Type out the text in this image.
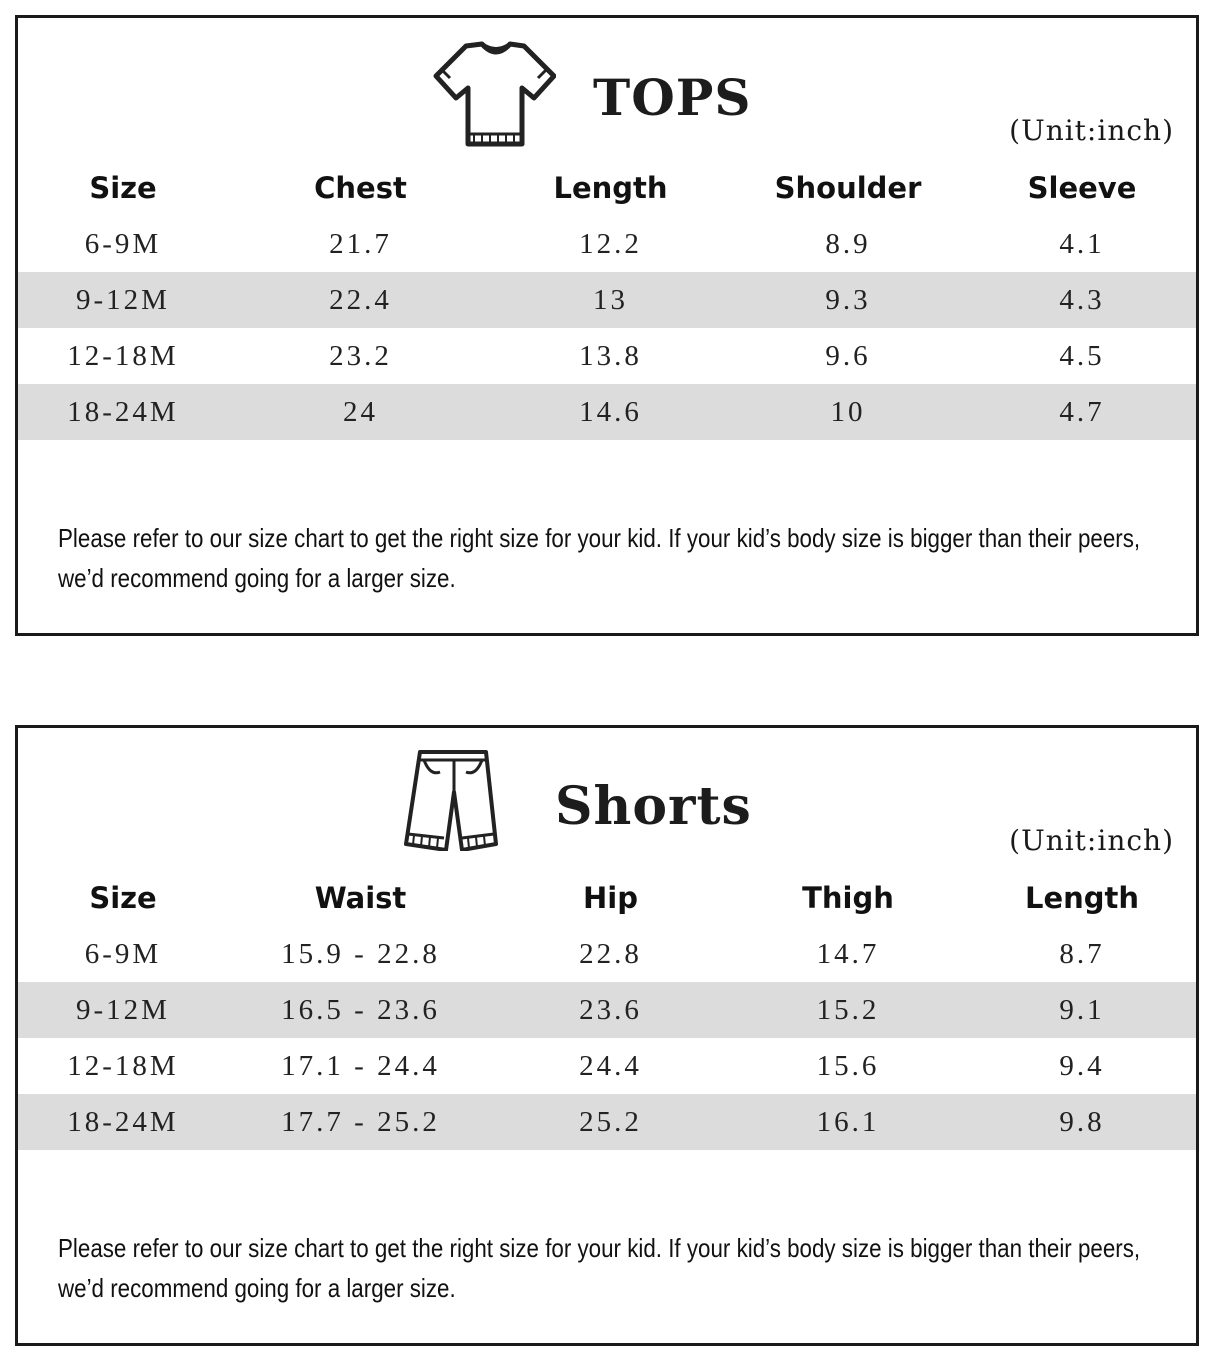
TOPS
(Unit:inch)
Size	Chest	Length	Shoulder	Sleeve
6-9M	21.7	12.2	8.9	4.1
9-12M	22.4	13	9.3	4.3
12-18M	23.2	13.8	9.6	4.5
18-24M	24	14.6	10	4.7
Please refer to our size chart to get the right size for your kid. If your kid’s body size is bigger than their peers, we’d recommend going for a larger size.
Shorts
(Unit:inch)
Size	Waist	Hip	Thigh	Length
6-9M	15.9 - 22.8	22.8	14.7	8.7
9-12M	16.5 - 23.6	23.6	15.2	9.1
12-18M	17.1 - 24.4	24.4	15.6	9.4
18-24M	17.7 - 25.2	25.2	16.1	9.8
Please refer to our size chart to get the right size for your kid. If your kid’s body size is bigger than their peers, we’d recommend going for a larger size.
